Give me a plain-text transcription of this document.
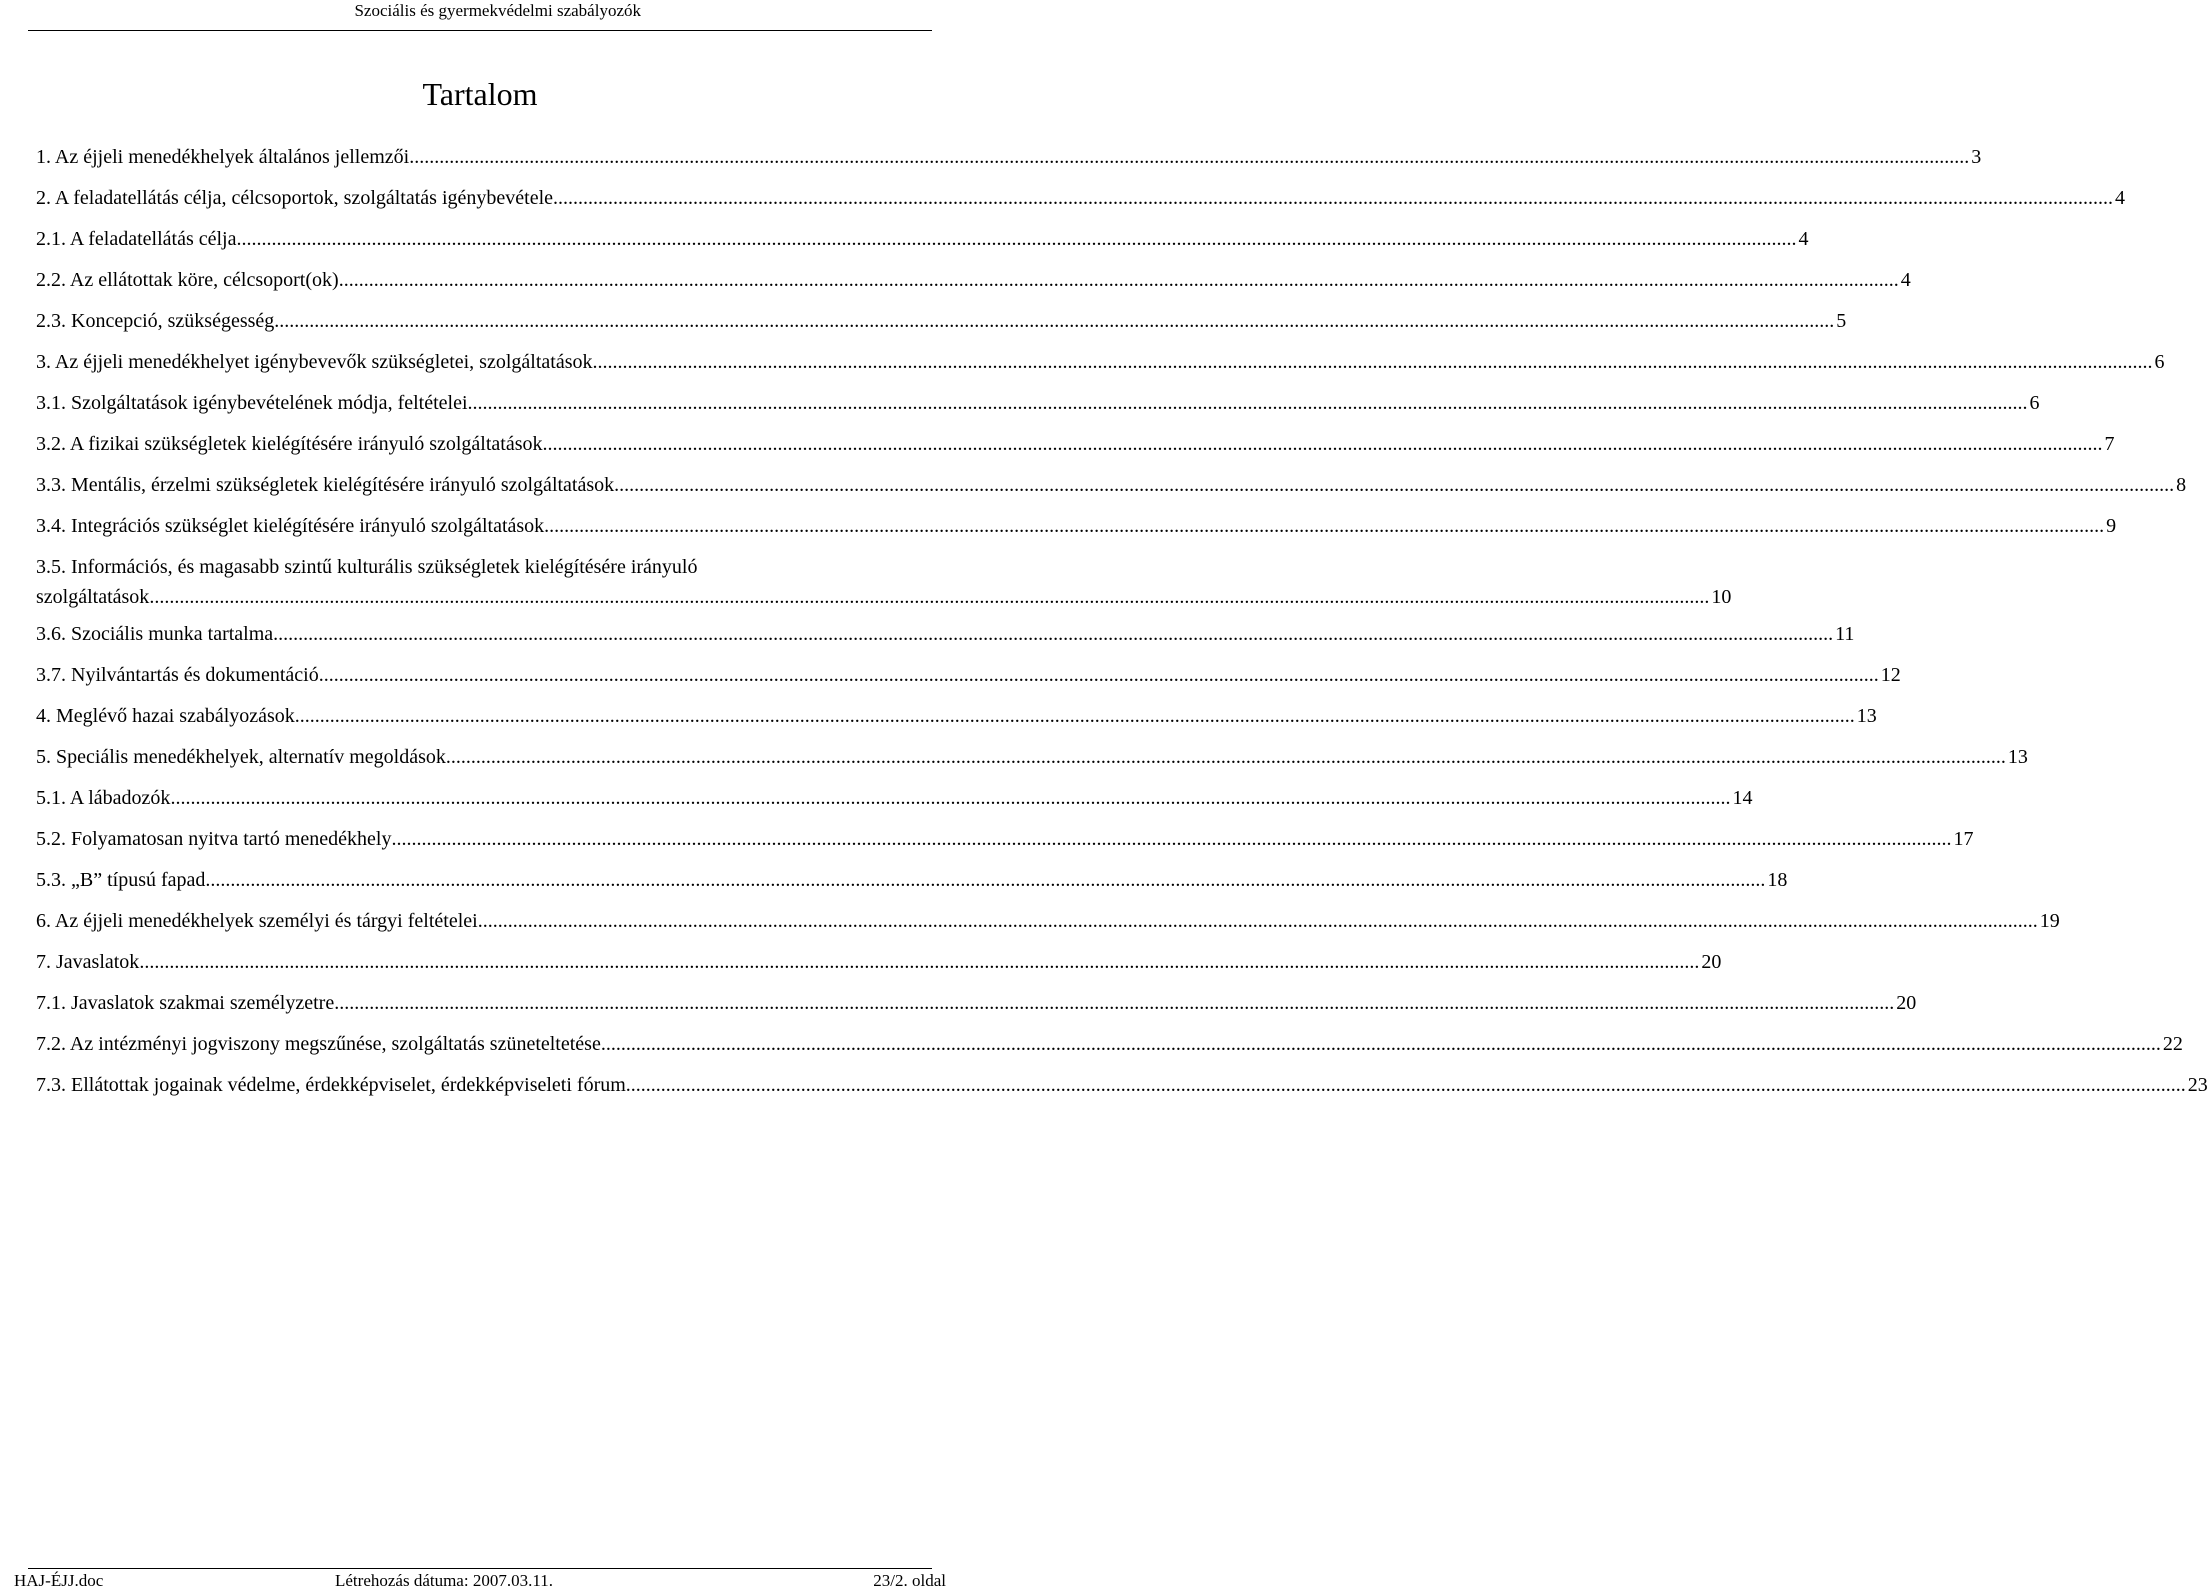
Szociális és gyermekvédelmi szabályozók
Tartalom
1. Az éjjeli menedékhelyek általános jellemzői .....	3
2. A feladatellátás célja, célcsoportok, szolgáltatás igénybevétele .....	4
2.1. A feladatellátás célja .....	4
2.2. Az ellátottak köre, célcsoport(ok) .....	4
2.3. Koncepció, szükségesség .....	5
3. Az éjjeli menedékhelyet igénybevevők szükségletei, szolgáltatások .....	6
3.1. Szolgáltatások igénybevételének módja, feltételei .....	6
3.2. A fizikai szükségletek kielégítésére irányuló szolgáltatások .....	7
3.3. Mentális, érzelmi szükségletek kielégítésére irányuló szolgáltatások .....	8
3.4. Integrációs szükséglet kielégítésére irányuló szolgáltatások .....	9
3.5. Információs, és magasabb szintű kulturális szükségletek kielégítésére irányuló
szolgáltatások .....	10
3.6. Szociális munka tartalma .....	11
3.7. Nyilvántartás és dokumentáció .....	12
4. Meglévő hazai szabályozások .....	13
5. Speciális menedékhelyek, alternatív megoldások .....	13
5.1. A lábadozók .....	14
5.2. Folyamatosan nyitva tartó menedékhely .....	17
5.3. „B” típusú fapad .....	18
6. Az éjjeli menedékhelyek személyi és tárgyi feltételei .....	19
7. Javaslatok .....	20
7.1. Javaslatok szakmai személyzetre .....	20
7.2. Az intézményi jogviszony megszűnése, szolgáltatás szüneteltetése .....	22
7.3. Ellátottak jogainak védelme, érdekképviselet, érdekképviseleti fórum .....	23
HAJ-ÉJJ.doc	Létrehozás dátuma: 2007.03.11.	23/2. oldal
